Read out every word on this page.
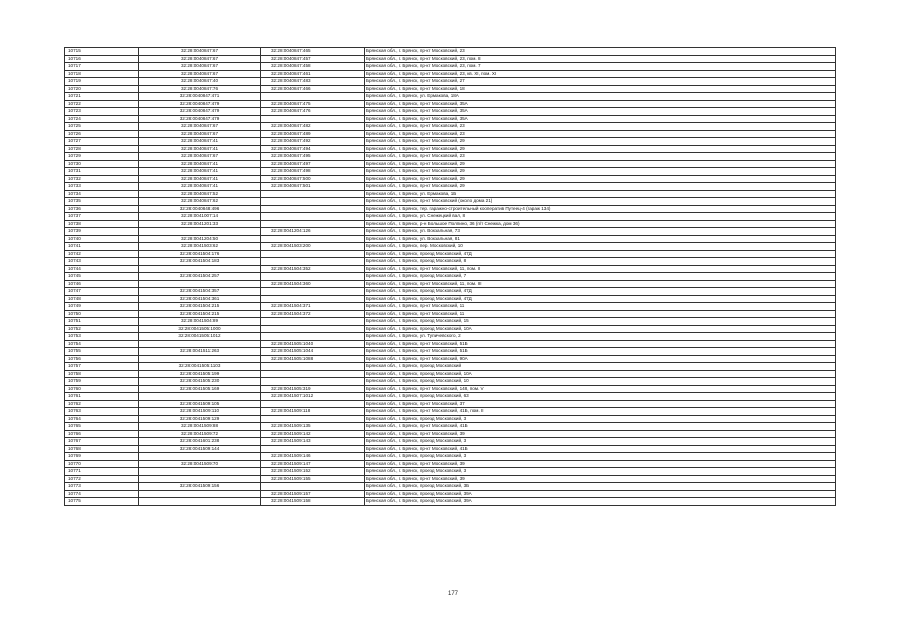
10715	32:28:0040847:67	32:28:0040847:465	Брянская обл., г. Брянск, пр-кт Московский, 23
10716	32:28:0040847:67	32:28:0040847:457	Брянская обл., г. Брянск, пр-кт Московский, 23, пом. 8
10717	32:28:0040847:67	32:28:0040847:458	Брянская обл., г. Брянск, пр-кт Московский, 23, пом. 7
10718	32:28:0040847:67	32:28:0040847:461	Брянская обл., г. Брянск, пр-кт Московский, 23, кв. XI, пом. XI
10719	32:28:0040847:40	32:28:0040847:483	Брянская обл., г. Брянск, пр-кт Московский, 27
10720	32:28:0040847:76	32:28:0040847:466	Брянская обл., г. Брянск, пр-кт Московский, 18
10721	32:28:0040847:471		Брянская обл., г. Брянск, ул. Ермакова, 18А
10722	32:28:0040847:479	32:28:0040847:475	Брянская обл., г. Брянск, пр-кт Московский, 35А
10723	32:28:0040847:479	32:28:0040847:476	Брянская обл., г. Брянск, пр-кт Московский, 35А
10724	32:28:0040847:479		Брянская обл., г. Брянск, пр-кт Московский, 35А
10725	32:28:0040847:67	32:28:0040847:482	Брянская обл., г. Брянск, пр-кт Московский, 23
10726	32:28:0040847:67	32:28:0040847:489	Брянская обл., г. Брянск, пр-кт Московский, 23
10727	32:28:0040847:41	32:28:0040847:492	Брянская обл., г. Брянск, пр-кт Московский, 29
10728	32:28:0040847:41	32:28:0040847:494	Брянская обл., г. Брянск, пр-кт Московский, 29
10729	32:28:0040847:67	32:28:0040847:495	Брянская обл., г. Брянск, пр-кт Московский, 23
10730	32:28:0040847:41	32:28:0040847:497	Брянская обл., г. Брянск, пр-кт Московский, 29
10731	32:28:0040847:41	32:28:0040847:498	Брянская обл., г. Брянск, пр-кт Московский, 29
10732	32:28:0040847:41	32:28:0040847:500	Брянская обл., г. Брянск, пр-кт Московский, 29
10733	32:28:0040847:41	32:28:0040847:501	Брянская обл., г. Брянск, пр-кт Московский, 29
10734	32:28:0040847:52		Брянская обл., г. Брянск, ул. Ермакова, 1Б
10735	32:28:0040847:62		Брянская обл., г. Брянск, пр-кт Московский (около дома 21)
10736	32:28:0040848:496		Брянская обл., г. Брянск, тер. гаражно-строительный кооператив Путеец-4 (гараж 134)
10737	32:28:0041007:14		Брянская обл., г. Брянск, ул. Снежецкий вал, 8
10738	32:28:0041201:33		Брянская обл., г. Брянск, р-н Большое Полпино, 36 (п/т Снежка, дом 36)
10739		32:28:0041204:126	Брянская обл., г. Брянск, ул. Вокзальная, 73
10740	32:28:0041204:50		Брянская обл., г. Брянск, ул. Вокзальная, 81
10741	32:28:0041503:62	32:28:0041503:200	Брянская обл., г. Брянск, пер. Московский, 10
10742	32:28:0041504:176		Брянская обл., г. Брянск, проезд Московский, 47Д
10743	32:28:0041504:183		Брянская обл., г. Брянск, проезд Московский, 8
10744		32:28:0041504:352	Брянская обл., г. Брянск, пр-кт Московский, 11, пом. II
10745	32:28:0041504:257		Брянская обл., г. Брянск, проезд Московский, 7
10746		32:28:0041504:360	Брянская обл., г. Брянск, пр-кт Московский, 11, пом. III
10747	32:28:0041504:357		Брянская обл., г. Брянск, проезд Московский, 47Д
10748	32:28:0041504:361		Брянская обл., г. Брянск, проезд Московский, 47Д
10749	32:28:0041504:215	32:28:0041504:371	Брянская обл., г. Брянск, пр-кт Московский, 11
10750	32:28:0041504:215	32:28:0041504:372	Брянская обл., г. Брянск, пр-кт Московский, 11
10751	32:28:0041504:89		Брянская обл., г. Брянск, проезд Московский, 15
10752	32:28:0041505:1000		Брянская обл., г. Брянск, проезд Московский, 10А
10753	32:28:0041505:1012		Брянская обл., г. Брянск, ул. Тупичевского, 2
10754		32:28:0041505:1040	Брянская обл., г. Брянск, пр-кт Московский, 51Б
10755	32:28:0041511:263	32:28:0041505:1044	Брянская обл., г. Брянск, пр-кт Московский, 51Б
10756		32:28:0041505:1088	Брянская обл., г. Брянск, пр-кт Московский, 90А
10757	32:28:0041505:1103		Брянская обл., г. Брянск, проезд Московский
10758	32:28:0041505:199		Брянская обл., г. Брянск, проезд Московский, 10А
10759	32:28:0041505:230		Брянская обл., г. Брянск, проезд Московский, 10
10760	32:28:0041505:169	32:28:0041505:319	Брянская обл., г. Брянск, пр-кт Московский, 148, пом. V
10761		32:28:0041507:1012	Брянская обл., г. Брянск, проезд Московский, 63
10762	32:28:0041509:105		Брянская обл., г. Брянск, пр-кт Московский, 37
10763	32:28:0041509:110	32:28:0041509:118	Брянская обл., г. Брянск, пр-кт Московский, 41Б, пом. II
10764	32:28:0041509:129		Брянская обл., г. Брянск, проезд Московский, 3
10765	32:28:0041509:88	32:28:0041509:135	Брянская обл., г. Брянск, пр-кт Московский, 41Б
10766	32:28:0041509:72	32:28:0041509:142	Брянская обл., г. Брянск, пр-кт Московский, 39
10767	32:28:0041601:238	32:28:0041509:143	Брянская обл., г. Брянск, проезд Московский, 3
10768	32:28:0041509:144		Брянская обл., г. Брянск, пр-кт Московский, 41Б
10769		32:28:0041509:146	Брянская обл., г. Брянск, проезд Московский, 3
10770	32:28:0041509:70	32:28:0041509:147	Брянская обл., г. Брянск, пр-кт Московский, 39
10771		32:28:0041509:152	Брянская обл., г. Брянск, проезд Московский, 3
10772		32:28:0041509:155	Брянская обл., г. Брянск, пр-кт Московский, 39
10773	32:28:0041509:156		Брянская обл., г. Брянск, проезд Московский, 3Б
10774		32:28:0041509:157	Брянская обл., г. Брянск, проезд Московский, 39А
10775		32:28:0041509:158	Брянская обл., г. Брянск, проезд Московский, 39А
177
